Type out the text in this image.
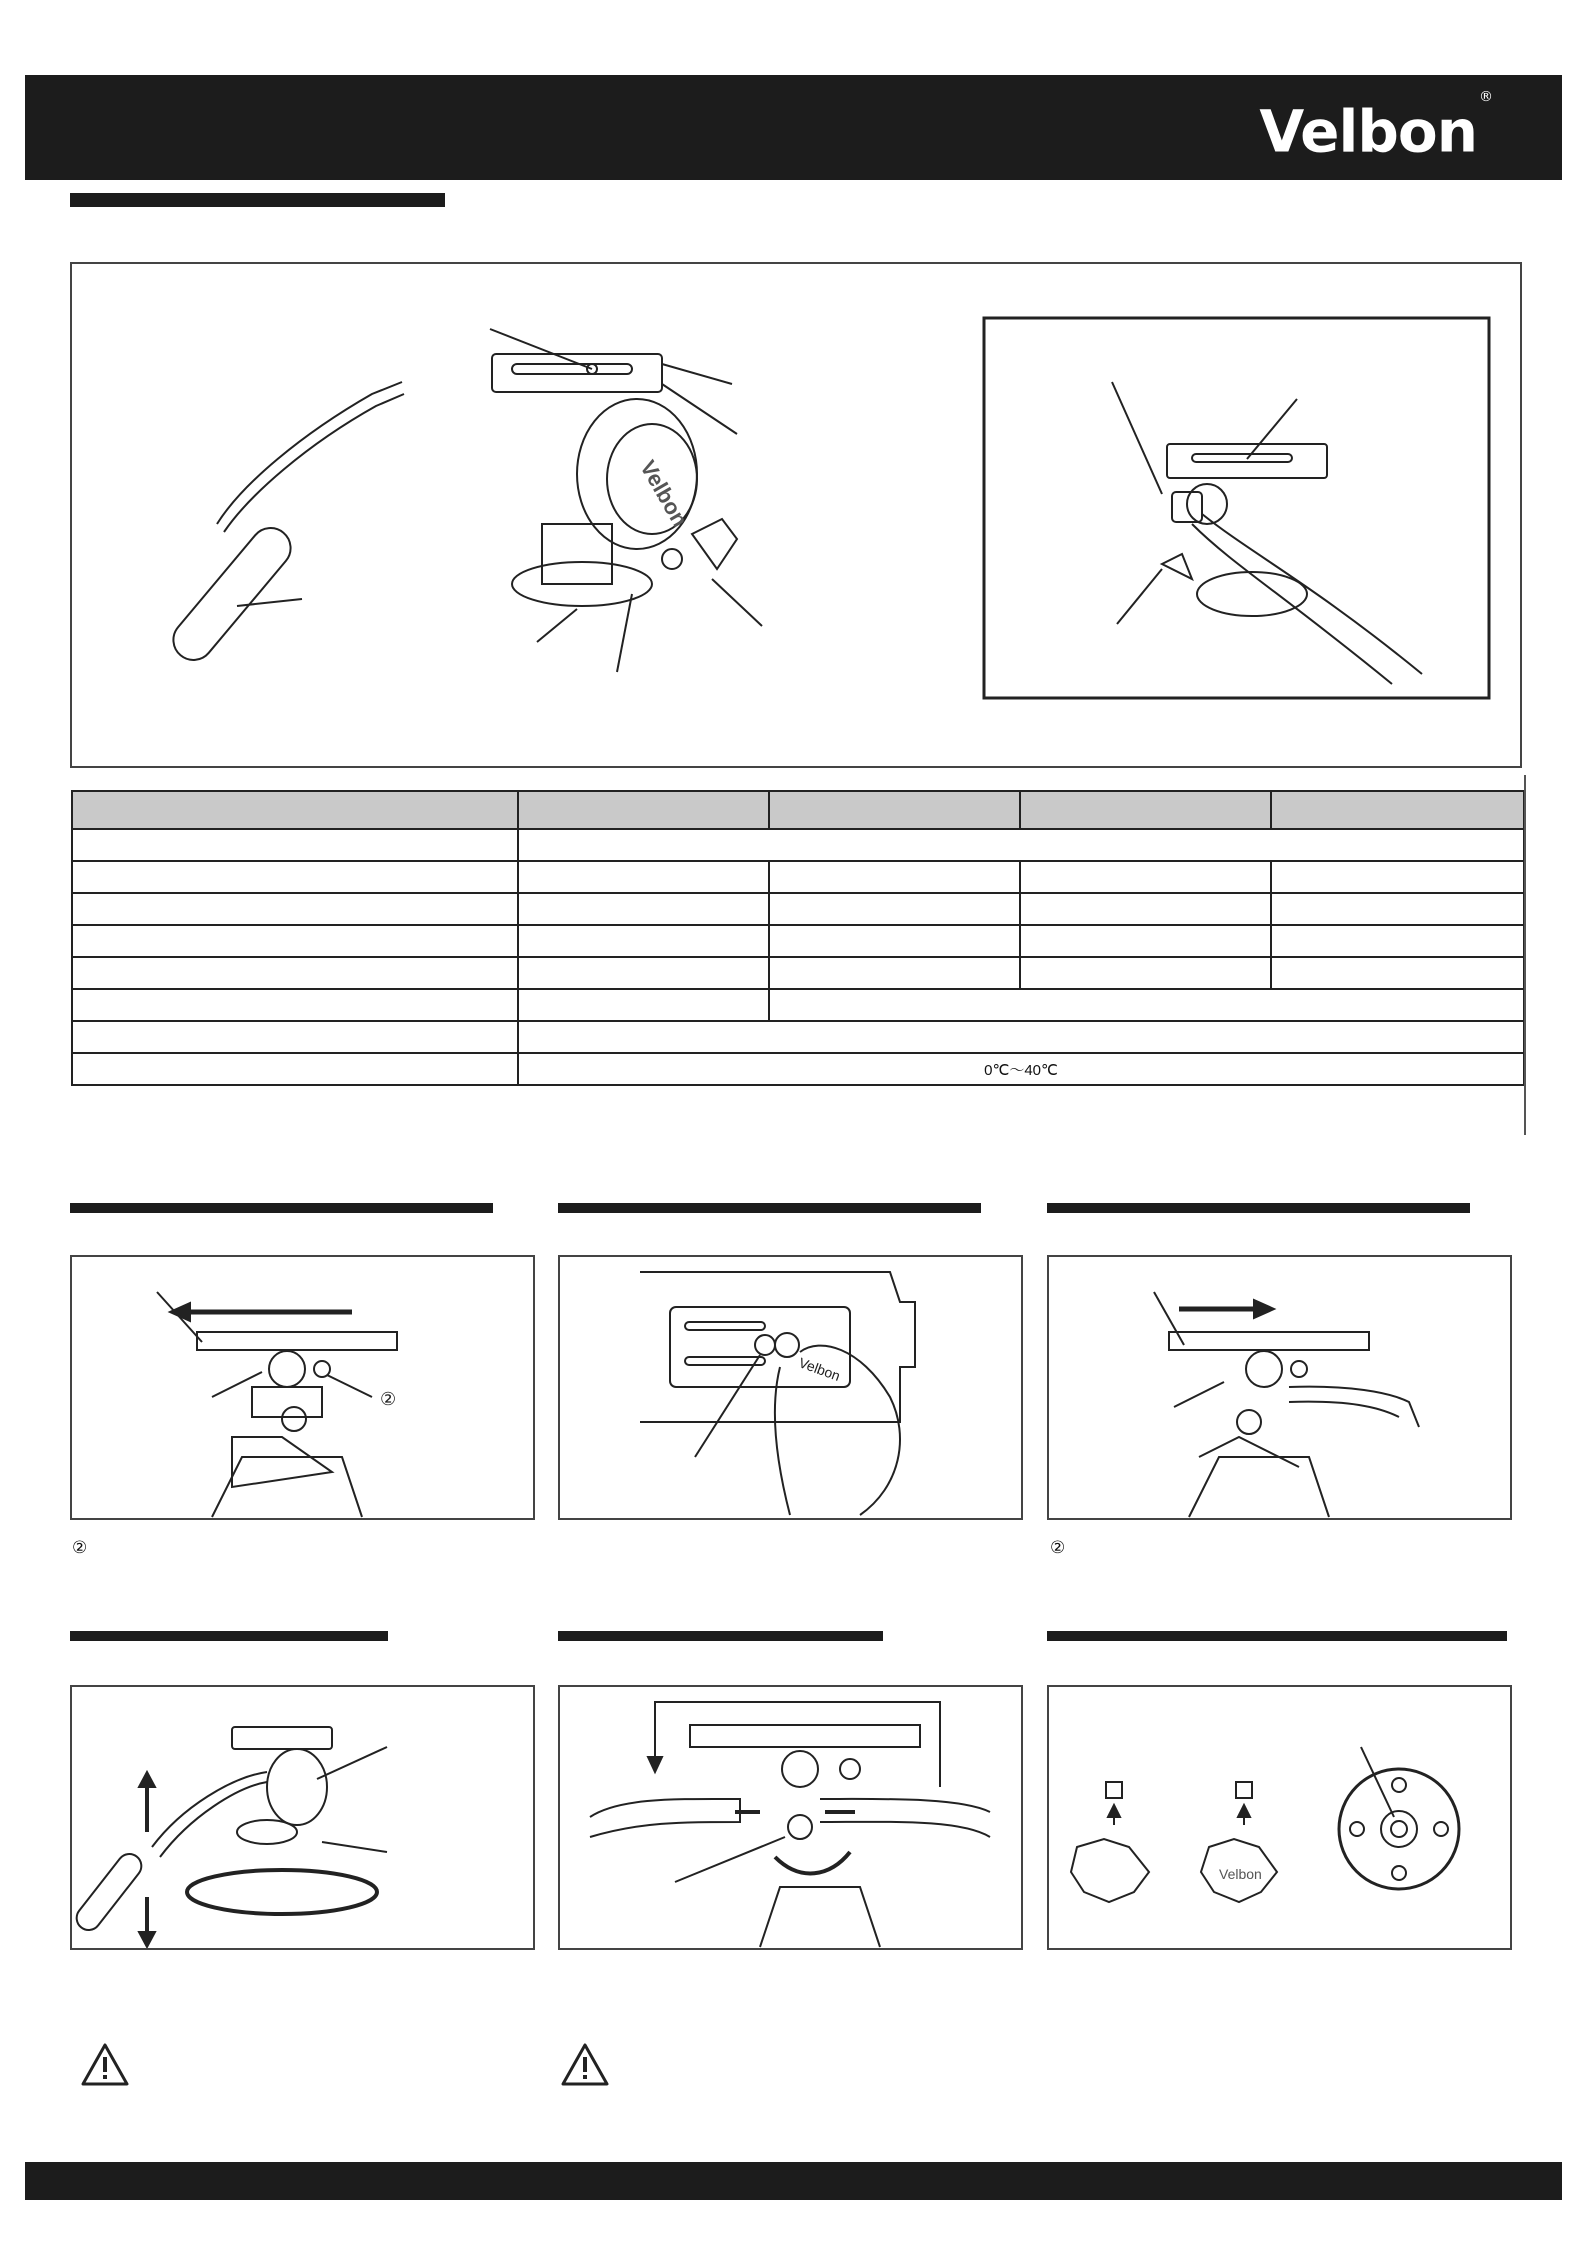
Velbon®
Velbon

	0℃～40℃			
②
Velbon
②	②
Velbon
